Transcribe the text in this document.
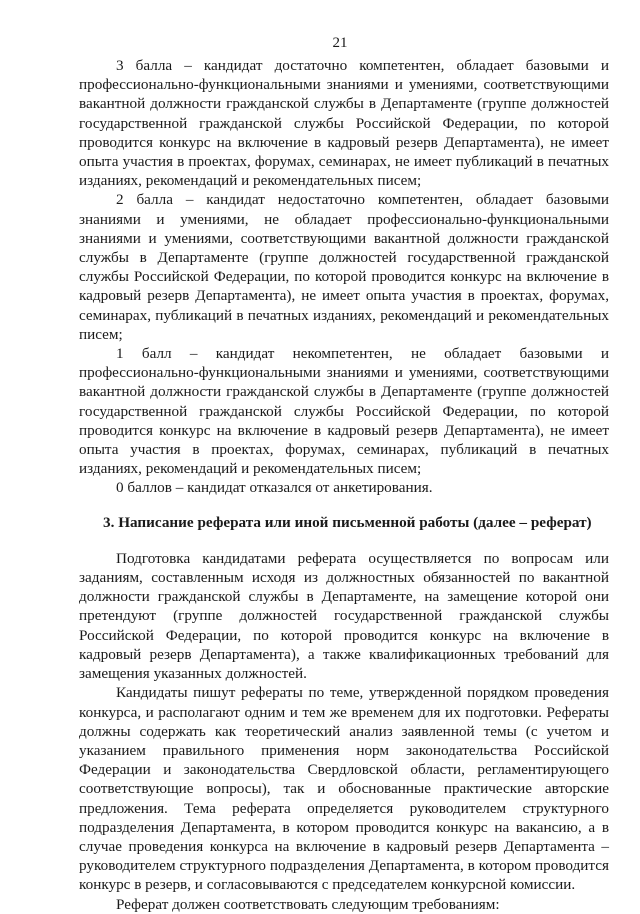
21

3 балла – кандидат достаточно компетентен, обладает базовыми и профессионально-функциональными знаниями и умениями, соответствующими вакантной должности гражданской службы в Департаменте (группе должностей государственной гражданской службы Российской Федерации, по которой проводится конкурс на включение в кадровый резерв Департамента), не имеет опыта участия в проектах, форумах, семинарах, не имеет публикаций в печатных изданиях, рекомендаций и рекомендательных писем;

2 балла – кандидат недостаточно компетентен, обладает базовыми знаниями и умениями, не обладает профессионально-функциональными знаниями и умениями, соответствующими вакантной должности гражданской службы в Департаменте (группе должностей государственной гражданской службы Российской Федерации, по которой проводится конкурс на включение в кадровый резерв Департамента), не имеет опыта участия в проектах, форумах, семинарах, публикаций в печатных изданиях, рекомендаций и рекомендательных писем;

1 балл – кандидат некомпетентен, не обладает базовыми и профессионально-функциональными знаниями и умениями, соответствующими вакантной должности гражданской службы в Департаменте (группе должностей государственной гражданской службы Российской Федерации, по которой проводится конкурс на включение в кадровый резерв Департамента), не имеет опыта участия в проектах, форумах, семинарах, публикаций в печатных изданиях, рекомендаций и рекомендательных писем;

0 баллов – кандидат отказался от анкетирования.

3. Написание реферата или иной письменной работы (далее – реферат)

Подготовка кандидатами реферата осуществляется по вопросам или заданиям, составленным исходя из должностных обязанностей по вакантной должности гражданской службы в Департаменте, на замещение которой они претендуют (группе должностей государственной гражданской службы Российской Федерации, по которой проводится конкурс на включение в кадровый резерв Департамента), а также квалификационных требований для замещения указанных должностей.

Кандидаты пишут рефераты по теме, утвержденной порядком проведения конкурса, и располагают одним и тем же временем для их подготовки. Рефераты должны содержать как теоретический анализ заявленной темы (с учетом и указанием правильного применения норм законодательства Российской Федерации и законодательства Свердловской области, регламентирующего соответствующие вопросы), так и обоснованные практические авторские предложения. Тема реферата определяется руководителем структурного подразделения Департамента, в котором проводится конкурс на вакансию, а в случае проведения конкурса на включение в кадровый резерв Департамента – руководителем структурного подразделения Департамента, в котором проводится конкурс в резерв, и согласовываются с председателем конкурсной комиссии.

Реферат должен соответствовать следующим требованиям:
